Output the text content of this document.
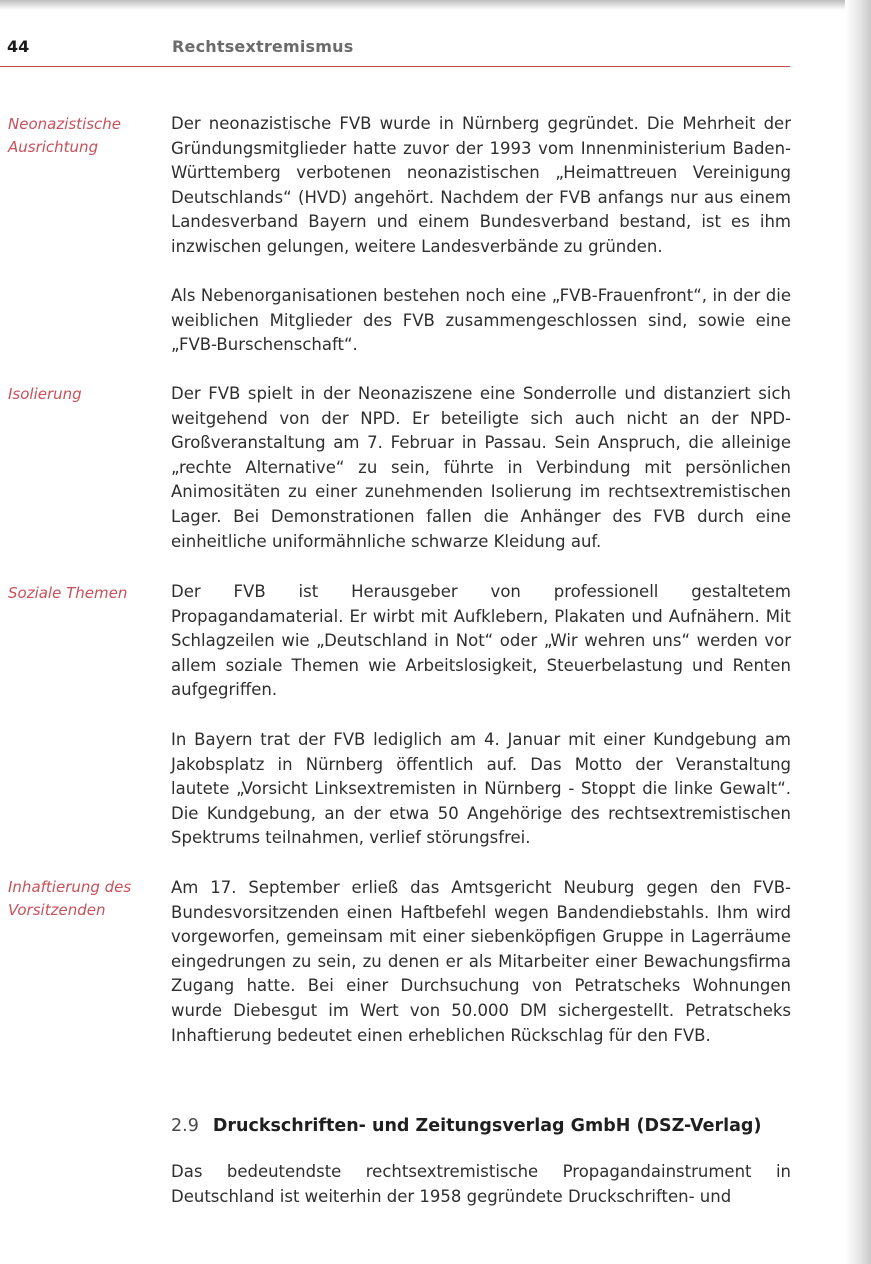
44	Rechtsextremismus
Neonazistische
Ausrichtung
Isolierung
Soziale Themen
Inhaftierung des
Vorsitzenden

Der neonazistische FVB wurde in Nürnberg gegründet. Die Mehrheit der Gründungsmitglieder hatte zuvor der 1993 vom Innenministerium Baden-Württemberg verbotenen neonazistischen „Heimattreuen Vereinigung Deutschlands“ (HVD) angehört. Nachdem der FVB anfangs nur aus einem Landesverband Bayern und einem Bundesverband bestand, ist es ihm inzwischen gelungen, weitere Landesverbände zu gründen.

Als Nebenorganisationen bestehen noch eine „FVB-Frauenfront“, in der die weiblichen Mitglieder des FVB zusammengeschlossen sind, sowie eine „FVB-Burschenschaft“.

Der FVB spielt in der Neonaziszene eine Sonderrolle und distanziert sich weitgehend von der NPD. Er beteiligte sich auch nicht an der NPD-Großveranstaltung am 7. Februar in Passau. Sein Anspruch, die alleinige „rechte Alternative“ zu sein, führte in Verbindung mit persönlichen Animositäten zu einer zunehmenden Isolierung im rechtsextremistischen Lager. Bei Demonstrationen fallen die Anhänger des FVB durch eine einheitliche uniformähnliche schwarze Kleidung auf.

Der FVB ist Herausgeber von professionell gestaltetem Propagandamaterial. Er wirbt mit Aufklebern, Plakaten und Aufnähern. Mit Schlagzeilen wie „Deutschland in Not“ oder „Wir wehren uns“ werden vor allem soziale Themen wie Arbeitslosigkeit, Steuerbelastung und Renten aufgegriffen.

In Bayern trat der FVB lediglich am 4. Januar mit einer Kundgebung am Jakobsplatz in Nürnberg öffentlich auf. Das Motto der Veranstaltung lautete „Vorsicht Linksextremisten in Nürnberg - Stoppt die linke Gewalt“. Die Kundgebung, an der etwa 50 Angehörige des rechtsextremistischen Spektrums teilnahmen, verlief störungsfrei.

Am 17. September erließ das Amtsgericht Neuburg gegen den FVB-Bundesvorsitzenden einen Haftbefehl wegen Bandendiebstahls. Ihm wird vorgeworfen, gemeinsam mit einer siebenköpfigen Gruppe in Lagerräume eingedrungen zu sein, zu denen er als Mitarbeiter einer Bewachungsfirma Zugang hatte. Bei einer Durchsuchung von Petratscheks Wohnungen wurde Diebesgut im Wert von 50.000 DM sichergestellt. Petratscheks Inhaftierung bedeutet einen erheblichen Rückschlag für den FVB.

2.9 Druckschriften- und Zeitungsverlag GmbH (DSZ-Verlag)

Das bedeutendste rechtsextremistische Propagandainstrument in Deutschland ist weiterhin der 1958 gegründete Druckschriften- und
